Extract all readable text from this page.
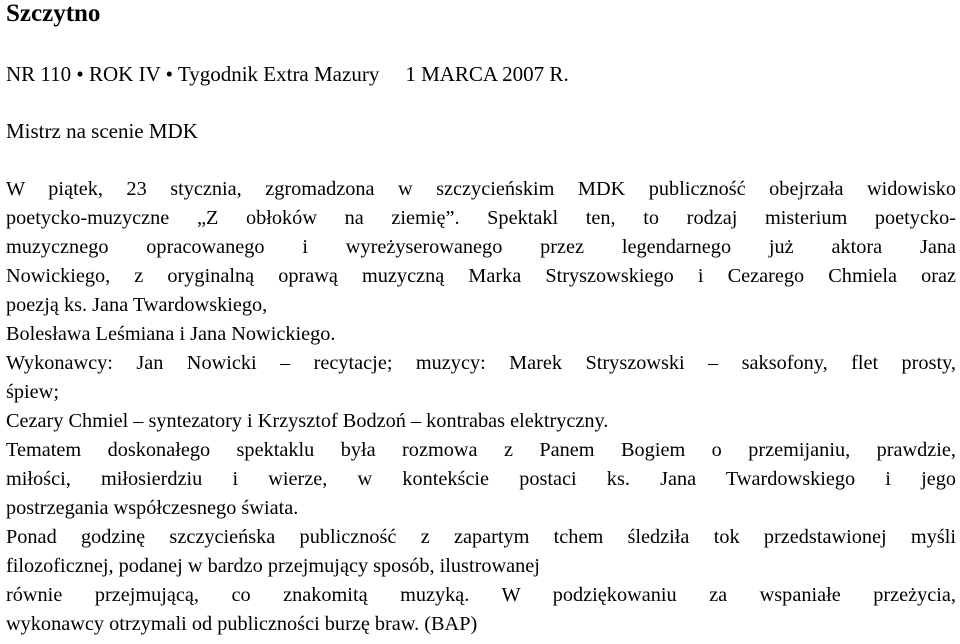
Szczytno
NR 110 • ROK IV • Tygodnik Extra Mazury 1 MARCA 2007 R.
Mistrz na scenie MDK
W piątek, 23 stycznia, zgromadzona w szczycieńskim MDK publiczność obejrzała widowisko
poetycko-muzyczne „Z obłoków na ziemię”. Spektakl ten, to rodzaj misterium poetycko-
muzycznego opracowanego i wyreżyserowanego przez legendarnego już aktora Jana
Nowickiego, z oryginalną oprawą muzyczną Marka Stryszowskiego i Cezarego Chmiela oraz
poezją ks. Jana Twardowskiego,
Bolesława Leśmiana i Jana Nowickiego.
Wykonawcy: Jan Nowicki – recytacje; muzycy: Marek Stryszowski – saksofony, flet prosty,
śpiew;
Cezary Chmiel – syntezatory i Krzysztof Bodzoń – kontrabas elektryczny.
Tematem doskonałego spektaklu była rozmowa z Panem Bogiem o przemijaniu, prawdzie,
miłości, miłosierdziu i wierze, w kontekście postaci ks. Jana Twardowskiego i jego
postrzegania współczesnego świata.
Ponad godzinę szczycieńska publiczność z zapartym tchem śledziła tok przedstawionej myśli
filozoficznej, podanej w bardzo przejmujący sposób, ilustrowanej
równie przejmującą, co znakomitą muzyką. W podziękowaniu za wspaniałe przeżycia,
wykonawcy otrzymali od publiczności burzę braw. (BAP)
